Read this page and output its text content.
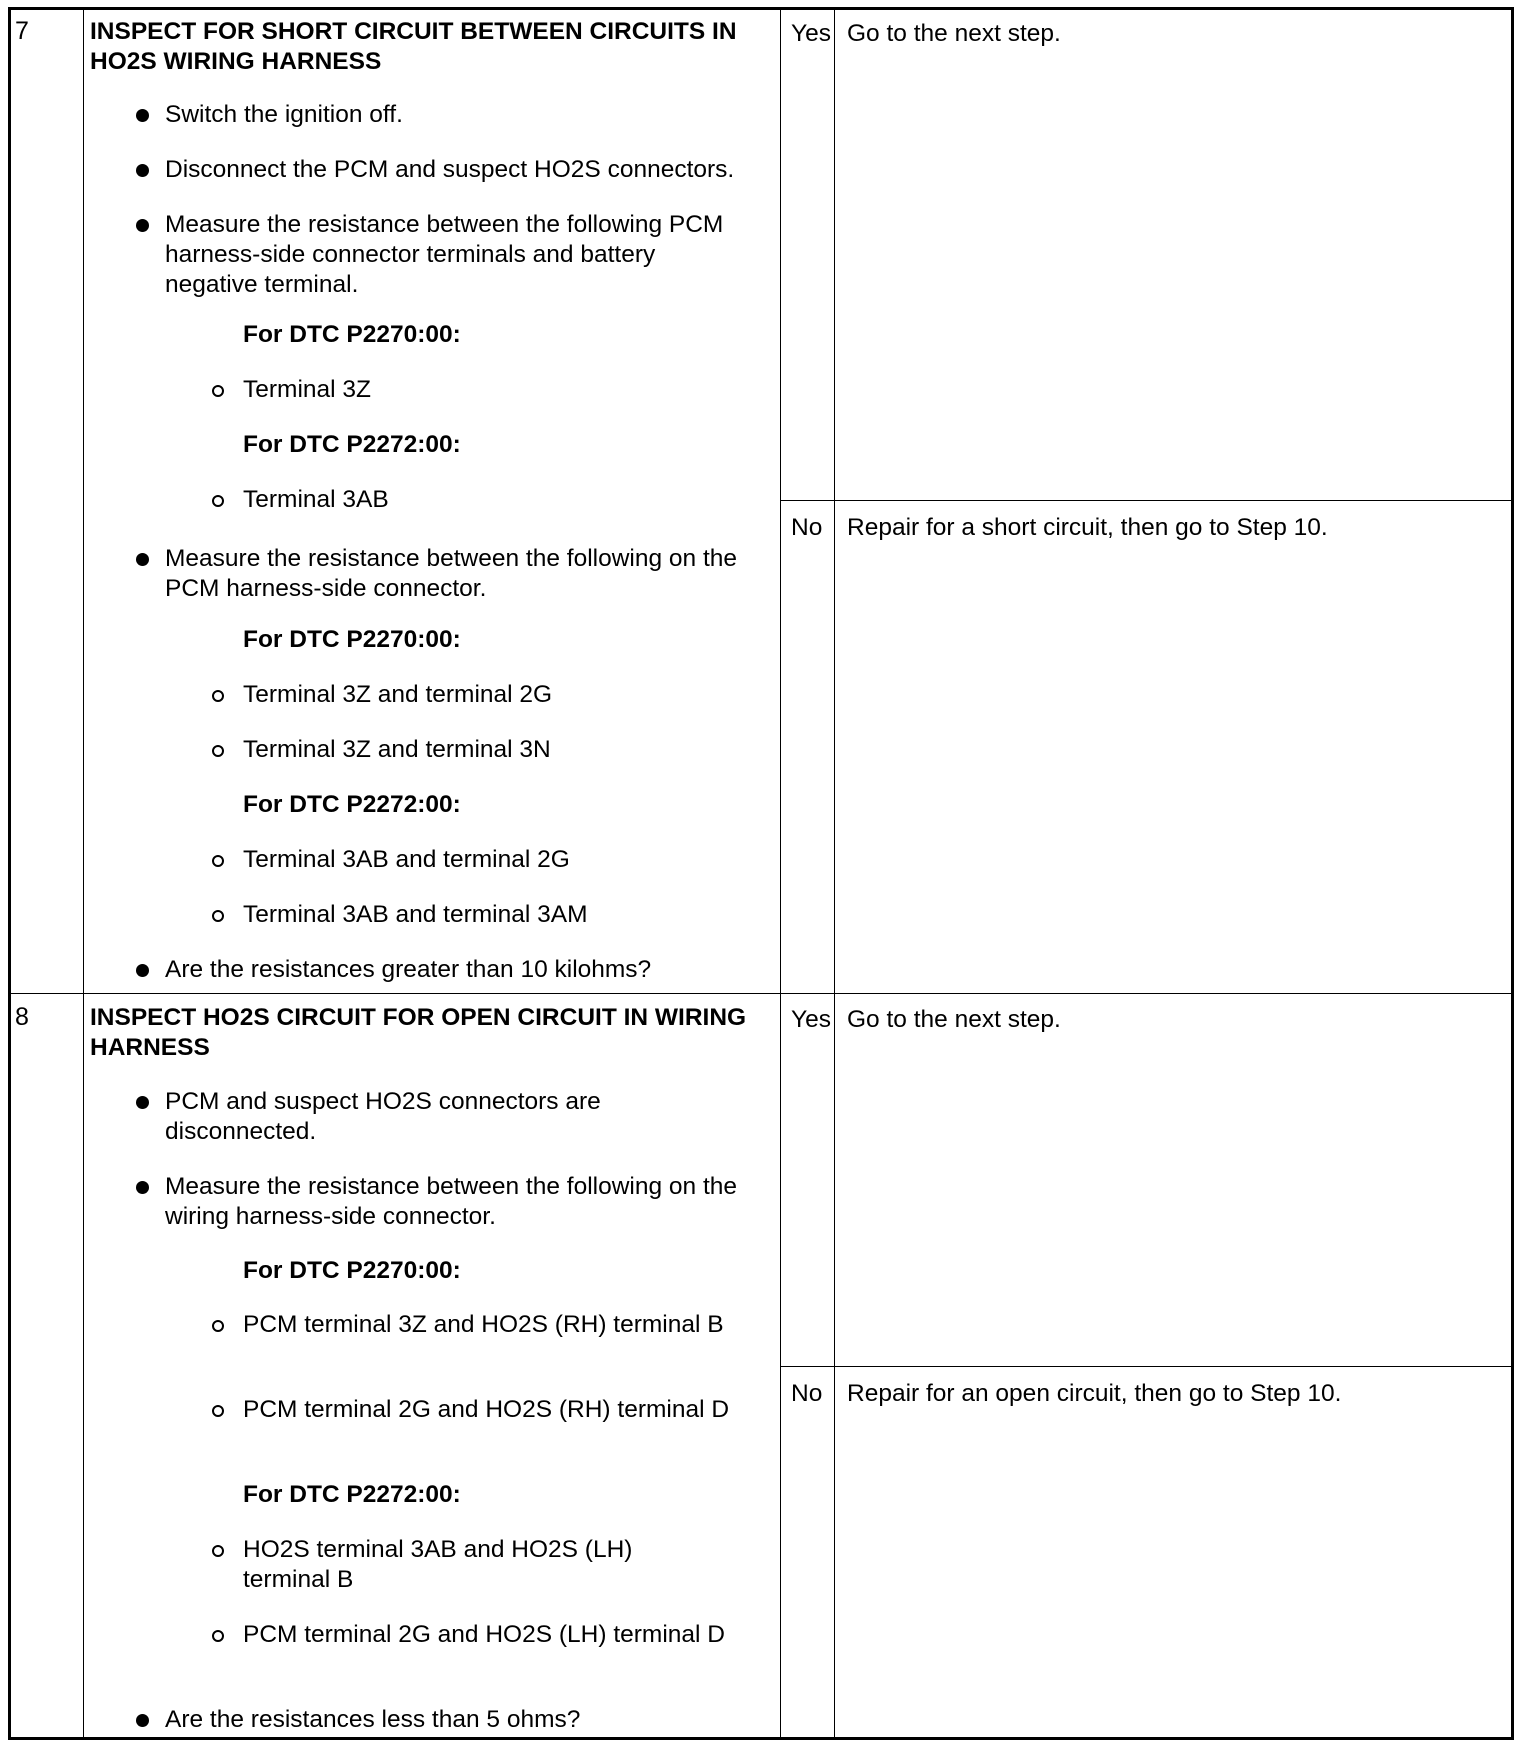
7 INSPECT FOR SHORT CIRCUIT BETWEEN CIRCUITS IN HO2S WIRING HARNESS
Switch the ignition off.
Disconnect the PCM and suspect HO2S connectors.
Measure the resistance between the following PCM harness-side connector terminals and battery negative terminal.
For DTC P2270:00:
Terminal 3Z
For DTC P2272:00:
Terminal 3AB
Measure the resistance between the following on the PCM harness-side connector.
For DTC P2270:00:
Terminal 3Z and terminal 2G
Terminal 3Z and terminal 3N
For DTC P2272:00:
Terminal 3AB and terminal 2G
Terminal 3AB and terminal 3AM
Are the resistances greater than 10 kilohms?
Yes Go to the next step.
No Repair for a short circuit, then go to Step 10.
8 INSPECT HO2S CIRCUIT FOR OPEN CIRCUIT IN WIRING HARNESS
PCM and suspect HO2S connectors are disconnected.
Measure the resistance between the following on the wiring harness-side connector.
For DTC P2270:00:
PCM terminal 3Z and HO2S (RH) terminal B
PCM terminal 2G and HO2S (RH) terminal D
For DTC P2272:00:
HO2S terminal 3AB and HO2S (LH) terminal B
PCM terminal 2G and HO2S (LH) terminal D
Are the resistances less than 5 ohms?
Yes Go to the next step.
No Repair for an open circuit, then go to Step 10.
